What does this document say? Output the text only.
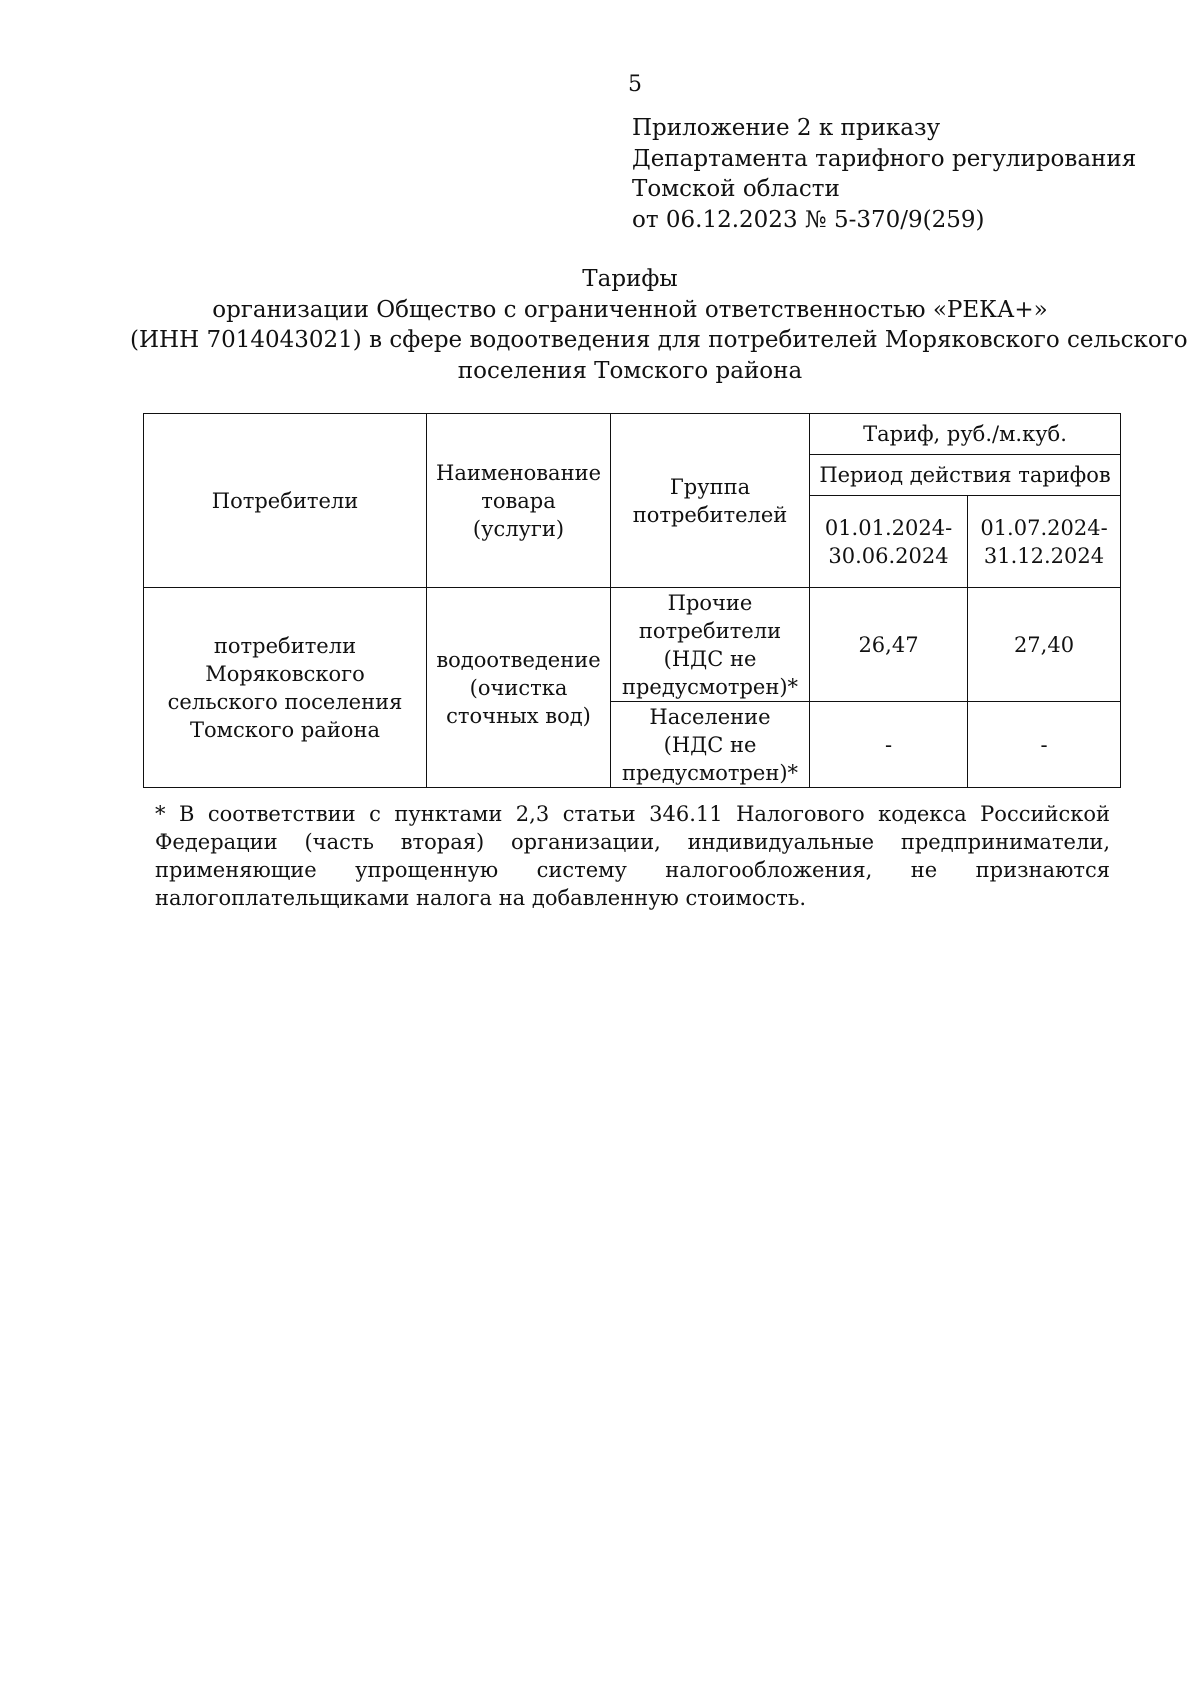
5
Приложение 2 к приказу
Департамента тарифного регулирования
Томской области
от 06.12.2023 № 5-370/9(259)
Тарифы
организации Общество с ограниченной ответственностью «РЕКА+»
(ИНН 7014043021) в сфере водоотведения для потребителей Моряковского сельского
поселения Томского района
Потребители	Наименование товара (услуги)	Группа потребителей	Тариф, руб./м.куб.	
			Период действия тарифов	
			01.01.2024-30.06.2024	01.07.2024-31.12.2024
потребители Моряковского сельского поселения Томского района	водоотведение (очистка сточных вод)	Прочие потребители (НДС не предусмотрен)*	26,47	27,40
		Население (НДС не предусмотрен)*	-	-
* В соответствии с пунктами 2,3 статьи 346.11 Налогового кодекса Российской Федерации (часть вторая) организации, индивидуальные предприниматели, применяющие упрощенную систему налогообложения, не признаются налогоплательщиками налога на добавленную стоимость.
